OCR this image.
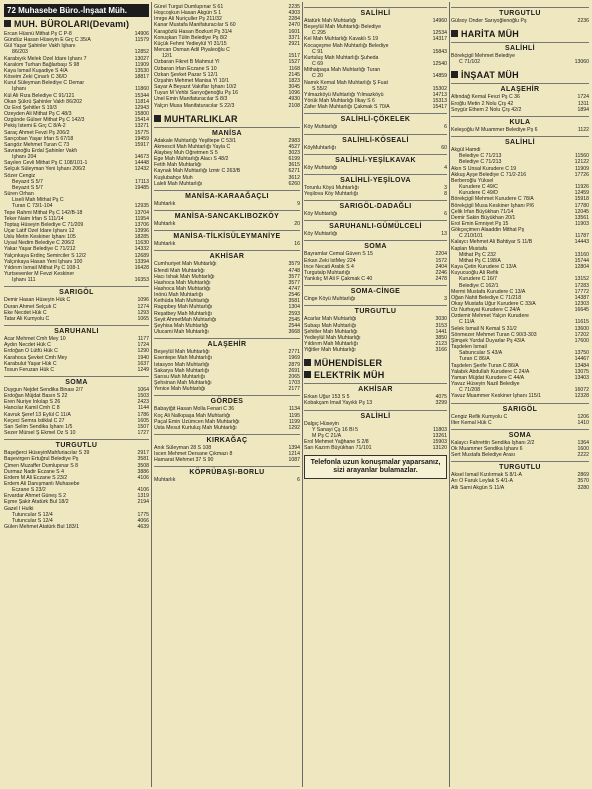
72 Muhasebe Büro.-İnşaat Müh.
MUH. BÜROLARI(Devamı)
Ercan Hüsnü Mithat Pş C P-8	14906
Gündüz Hasan Hüseyin E Grç C 35/A	11579
Gül Yaşar Şahinler Vakfı İşhanı
86/203	12852
Karabıyık Melek Özel İdare İşhanı 7	13027
Karalom Turhan Bağlarbaşı S 98	11909
Kaya İsmail Kuşadiye S 4/A	13530
Köseim Zeki Çınarlı C 36/D	18817
Kurul Süleyman Belediye C Demar
İşhanı	11860
Kül Ali Rıza Belediye C 91/121	15344
Okan Şükrü Şahinler Vakfı 86/202	11814
Öz Erol Şehitler S 19/3	12943
Özeyden Ali Mithat Pş C 48/3	15800
Özgünde Gülser Mithat Pş C 142/3	15414
Pekiş İstemi E Grç C 8/A-2	13271
Saraç Ahmet Fevzi Pş 206/2	15775
Sarıçoban Yaşar İrfan S 67/18	19459
Sarıgöz Mehmet Turan C 73	15917
Savranoğlu Erdal Şahinler Vakfı
İşhanı 204	14673
Sayılen Cevli Mithat Pş C 108/101-1	14448
Selçuk Süleyman Yeni İşhanı 206/2	12432
Sözer Cengiz
Beyazıt S 5/7	17113
Beyazıt S 5/7	19485
Süren Orhan
Liseli Mah Mithat Pş C
Turan C 73/1-104	12935
Tepe Rahmi Mithat Pş C 142/B-18	13704
Teker Naim İrfan S 111/14	11954
Toptaş Hüseyin Belediye C 71/209	13706
Uçar Latif Özel İdare İşhanı 12	13996
Uslu Metin Keskiner İşhanı 105	18285
Uysal Nedim Belediye C 206/2	11630
Yakar Yaşar Belediye C 71/212	14332
Yalçınkaya Erdinç Semirciler S 12/2	12689
Yalçınkaya Hasan Yeni İşhanı 100	13394
Yıldırım İsmail Mithat Pş C 108-1	16428
Yurtsevenler M Fevzi Keskiner
İşhanı 111	16353
SARIGÖL
Demir Hasan Hüseyin Hük C	1096
Duran Ahmet Selçuk C	1274
Eke Necdet Hük C	1293
Tatar Ali Kumyolu C	1065
SARUHANLI
Acar Mehmet Cmh Mey 10	1177
Aydın Necdet Hük C	1724
Erdoğan Ö Lütfü Hük C	1290
Karahoca Şevket Cmh Mey	1940
Karabulut Yaşar Hük C	1637
Tosun Feruzan Hük C	1249
SOMA
Duygun Nejdet Sendika Binası 2/7	1064
Erdoğan Müjdat Basın S 22	1503
Eren Nuriye İnkılap S 26	2423
Hancılar Kamil Cmh C 8	1144
Kavruk Şeref 13 Eylül C 11/A	1786
Keçeci Semra İstiklal C 27	1605
Sarı Selim Sendika İşhanı 1/5	1507
Sezer Mürsel Ş Ekmel Öz S 10	1727
TURGUTLU
Başeğerci HüseyinMahfuriacılar S 39	2917
Başevirgen Ertuğrul Belediye Pş	3581
Çimen Muzaffer Dumlupınar S 8	3508
Durmaz Nadir Eczane S 4	3886
Erdem M Ali Eczane S 23/2	4106
Erdem Ali Danışmanlı Muhasebe
Eczane S 23/2	4106
Ervardar Ahmet Güneş S 2	1319
Eşme Şakir Atatürk Bul 18/2	2194
Gazel İ Hulki
Tutuncular S 12/4	1775
Tutuncular S 12/4	4066
Gülen Mehmet Atatürk Bul 183/1	4639
Gürel Turgut Dumlupınar S 61	2235
Hoşcoşkun Hasan Akgün S 1	4303
İmrge Ali Nuriçuller Pş 211/32	2284
Kanar Mustafa Manifaturacılar S 60	2470
Karagözlü Hasan Bozkurt Pş 31/4	1601
Konuşkan Tülin Belediye Pş 8/2	3371
Küçük Fehmi Yedieylül Yl 31/15	2921
Mercan Osman Adil Piyaleoğlu C
12/1	1517
Özbaran Fikret B Mahmut Yl	1527
Özbaran İrfan Eczane S 10	1168
Özkan Şevket Pazar S 12/1	2145
Özşahin Mehmet Manisa Yl 10/1	1823
Sayar A Beyazıt Vakıflar İşhanı 10/2	3045
Tuyun M Vehbi Sarıyoğenoğlu Pş 16	1096
Ünel Emin Manifaturacılar S 8/3	4930
Yalçın Musa Manifaturacılar S 22/3	2108
MUHTARLIKLAR
MANİSA
Adakale Muhtarlığı Yeşiltepe C 53/1	2983
Akmescit Mah Muhtarlığı Yayla C	4527
Alaybey Muh Öğretmen S 5	3023
Ege Mah Muhtarlığı Alacı S 48/2	6199
Fetih Mah Muhtarlığı	3615
Kaynak Mah Muhtarlığı İzmir C 263/B	6271
Kuşlubahçe Muh	3612
Laleli Mah Muhtarlığı	6260
MANİSA-KARAAĞAÇLI
Muhtarlık	9
MANİSA-SANCAKLIBOZKÖY
Muhtarlık	20
MANİSA-TİLKİSÜLEYMANİYE
Muhtarlık	16
AKHİSAR
Cumhuriyet Mah Muhtarlığı	3579
Efendi Mah Muhtarlığı	4748
Hacı İshak Mah Muhtarlığı	3577
Hashoca Mah Muhtarlığı	3577
Hashoca Mah Muhtarlığı	4747
İnönü Mah Muhtarlığı	2546
Kethüda Mah Muhtarlığı	3581
Ragıpbey Mah Muhtarlığı	1304
Reşatbey Mah Muhtarlığı	2593
Seyit AhmetMah Muhtarlığı	2545
Şeyhisa Mah Muhtarlığı	2544
Ulucami Mah Muhtarlığı	3668
ALAŞEHİR
Beşeylül Mah Muhtarlığı	2771
Esentepe Mah Muhtarlığı	1969
İstasyon Mah Muhtarlığı	2879
Sakarya Mah Muhtarlığı	2691
Sarısu Mah Muhtarlığı	2065
Şehsinan Mah Muhtarlığı	1703
Yenice Mah Muhtarlığı	2177
GÖRDES
Babayiğit Hasan Molla Fenari C 36	1134
Koç Ali Nalkıpaşa Mah Muhtarlığı	1195
Paçal Emin Üzümcen Mah Muhtarlığı	1199
Usta Mesut Kurtuluş Mah Muhtarlığı	1292
KIRKAĞAÇ
Anık Süleyman 28 S 108	1394
İscen Mehmet Dersane Çıkmazı 8	1214
Hamarat Mehmet 37 S 90	1087
KÖPRÜBAŞI-BORLU
Muhtarlık	6
SALİHLİ
Atatürk Mah Muhtarlığı	14960
Beşeylül Mah Muhtarlığı Belediye
C 295	12534
Kel Mah Muhtarlığı Kavaklı S 19	14317
Kocaçeşme Mah Muhtarlığı Belediye
C 91	15843
Kurtuluş Mah Muhtarlığı Şuheda
C 69	12540
Mithatpaşa Mah Muhtarlığı Turan
C 20	14859
Namık Kemal Mah Muhtarlığı Ş Fuat
S 55/2	15302
Yılmazköyü Muhtarlığı Yılmazköyü	14713
Yörük Mah Muhtarlığı İlkay S 6	15313
Zafer Mah Muhtarlığı Çakmak S 70/A	15417
SALİHLİ-ÇÖKELEK
Köy Muhtarlığı	6
SALİHLİ-KÖSEALİ
KöyMuhtarlığı	60
SALİHLİ-YEŞİLKAVAK
Köy Muhtarlığı	4
SALİHLİ-YEŞİLOVA
Torunlu Köyü Muhtarlığı	3
Yeşilova Köy Muhtarlığı	8
SARIGÖL-DADAĞLI
Köy Muhtarlığı	6
SARUHANLI-GÜMÜLCELİ
Köy Muhtarlığı	13
SOMA
Bayramlar Cemal Güven S 15	2204
Erkan Zeki İstMey 224	1572
İnce Necati Arabk S 4	2404
Turgutalp Muhtarlığı	2246
Yankılıç M Ali F Çakmak C 40	2478
SOMA-CİNGE
Cinge Köyü Muhtarlığı	3
TURGUTLU
Acarlar Mah Muhtarlığı	3030
Subaşı Mah Muhtarlığı	3153
Şehitler Mah Muhtarlığı	1441
Yedieylül Mah Muhtarlığı	3850
Yıldırım Mah Muhtarlığı	2123
Yiğitler Mah Muhtarlığı	3166
MÜHENDİSLER
ELEKTRİK MÜH
AKHİSAR
Erkan Uğur 153 S 5	4075
Kobakçam İmail Yayıklı Pş 13	3299
SALİHLİ
Dalgıç Hüseyin
Y Sanayi Çş 16 Bl 5	11803
M Pş C 21/A	13261
Erol Mehmet Yağhane S 2/8	15903
Sarı Kazım Büyükhan 71/101	13120
Telefonla uzun konuşmalar yaparsanız, sizi arayanlar bulamazlar.
TURGUTLU
Gülsoy Önder Sarıyoğlenoğlu Pş	2236
HARİTA MÜH
SALİHLİ
Börekçigil Mehmet Belediye
C 71/102	13060
İNŞAAT MÜH
ALAŞEHİR
Altındağ Kemal Fevzi Pş C 36	1724
Eroğlu Metin 2 Nolu Çrş 42	1311
Soygür Ethem 2 Nolu Çrş 42/2	1894
KULA
Keleşoğlu M Muammer Belediye Pş 6	1122
SALİHLİ
Akgül Hamdi
Belediye C 71/213	11560
Belediye C 71/213	12122
Akın S Ünsal Kurudere C 19	11909
Akkuş Ayşe Belediye C 71/2-216	17726
Berberoğlu Yüksel
Kurudere C 49/C	11926
Kurudere C 49/D	12459
Börekçigil Mehmet Kurudere C 78/A	15918
Börekçigil Musa Keskiner İşhanı P/6	17780
Çelik İrfan Büyükhan 71/14	12045
Demir Sakin Büyükhan 20/1	13561
Erol Emin Emniyet Pş 15	11903
Gökçeçimen Alaaddin Mithat Pş
C 210/101	11787
Kalaycı Mehmet Ali Bahtiyar S 11/B	14443
Kaplan Mustafa
Mithat Pş C 232	13160
Mithat Pş C 198/A	15744
Kaya Çetin Kurudere C 13/A	12804
Kuyucuoğlu Ali Refik
Kurudere C 16/7	13152
Belediye C 162/1	17283
Mermi Mustafa Kurudere C 13/A	17772
Oğan Nahit Belediye C 71/218	14387
Okay Mustafa Uğur Kurudere C 33/A	12303
Öz Nurhayat Kurudere C 24/A	16645
Özdemir Mehmet Yalçın Kurudere
C 11/A	11615
Selek İsmail N Kemal S 31/2	13600
Sönmezer Mehmet Turan C 90/3-303	17202
Şimşek Yurdal Duyarlar Pş 43/A	17600
Taşdelen İsmail
Sabuncular S 43/A	13750
Turan C 86/A	14467
Taşdelen Şerife Turan C 86/A	13484
Yalabık Abdullah Kurudere C 24/A	13075
Yaman Müjdat Kurudere C 44/A	13403
Yavuz Hüseyin Nazil Belediye
C 71/208	16072
Yavuz Muammer Keskiner İşhanı 115/1	12328
SARIGÖL
Cengiz Refik Kumyolu C	1206
İlter Kemal Hük C	1410
SOMA
Kalaycı Fahrettin Sendika İşhanı 2/2	1364
Ok Muammer Sendika İşhanı 6	1600
Sert Mustafa Belediye Arası	2222
TURGUTLU
Aksel İsmail Kızılırmak S 8/1-A	2869
Arı Ö Faruk Leylak S 4/1-A	3570
Atlı Sami Akgün S 11/A	3280
